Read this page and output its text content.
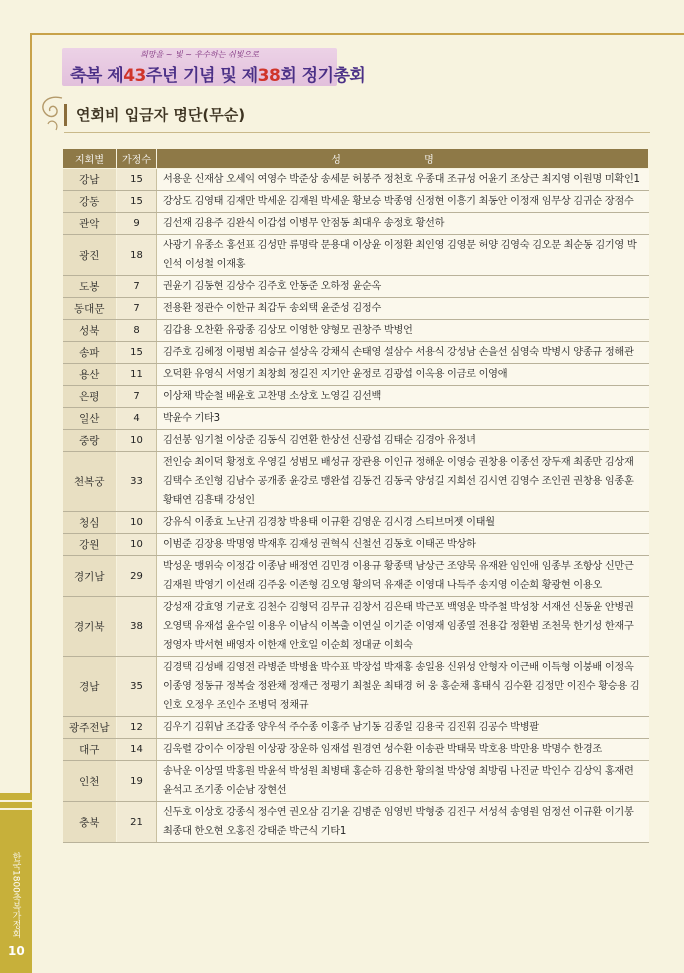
희망을 ~ 빛 ~ 우수하는 쉬빛으로
축복 제43주년 기념 및 제38회 정기총회
연회비 입금자 명단(무순)
지회별	가정수	성 명
강남	15	서용운 신재삼 오세익 여영수 박준상 송세문 허봉주 정천호 우종대 조규성 어윤기 조상근 최지영 이원명 미확인1
강동	15	강상도 김영태 김재만 박세운 김재원 박세운 황보승 박종영 신정현 이흥기 최동안 이정재 임무상 김귀순 장점수
관악	9	김선재 김용주 김완식 이갑섭 이병무 안점동 최대우 송정호 황선하
광진	18	사광기 유종소 홍선표 김성만 류명락 문용대 이상윤 이정환 최인영 김영문 허양 김영숙 김오문 최순동 김기영 박인석 이성철 이재홍
도봉	7	권윤기 김동현 김상수 김주호 안동준 오하정 윤순옥
동대문	7	전용환 정관수 이한규 최갑두 송외택 윤준성 김정수
성북	8	김갑용 오찬환 유광종 김상모 이영한 양형모 권창주 박병언
송파	15	김주호 김혜정 이평범 최승규 설상옥 강채식 손태영 설삼수 서용식 강성남 손을선 심영숙 박병시 양종규 정해관
용산	11	오덕환 유영식 서영기 최창희 정길진 지기안 윤정로 김광섭 이옥용 이금로 이영애
은평	7	이상채 박순철 배윤호 고찬명 소상호 노영길 김선백
일산	4	박윤수 기타3
중랑	10	김선봉 임기철 이상준 김동식 김연환 한상선 신광섭 김태순 김경아 유정녀
천복궁	33	전인승 최이덕 황정호 우영길 성범모 배성규 장관용 이인규 정해운 이영승 권창용 이종선 장두재 최종만 김상재 김택수 조인형 김남수 공개종 윤강로 맹완섭 김동건 김동국 양성길 지희선 김시연 김영수 조인권 권창용 임종훈 황태연 김흥태 강성인
청심	10	강유식 이종효 노난귀 김경창 박용태 이규환 김영운 김시경 스티브머젯 이태월
강원	10	이범준 김장용 박명영 박재후 김재성 권혁식 신철선 김동호 이태곤 박상하
경기남	29	박성운 맹위숙 이정갑 이종남 배정연 김민경 이용규 황종택 남상근 조양묵 유재완 임인애 임종부 조항상 신만근 김재원 박영기 이선래 김주웅 이존형 김오영 황의덕 유재준 이영대 나득주 송지영 이순희 황광현 이용오
경기북	38	강성재 강효영 기균호 김천수 김형덕 김무규 김창서 김은태 박근포 백영운 박주철 박성창 서재선 신동윤 안병권 오영택 유재섭 윤수일 이용우 이남식 이복출 이연실 이기준 이영재 임종열 전용갑 정환범 조천묵 한기성 한재구 정영자 박서현 배영자 이한재 안호일 이순희 정대균 이회숙
경남	35	김경택 김성배 김영전 라병준 박병율 박수표 박장섭 박재홍 송일용 신위성 안형자 이근배 이득형 이붕배 이정옥 이종영 정동규 정복술 정완채 정재근 정평기 최철운 최태경 허 웅 홍순채 홍태식 김수환 김정만 이진수 황승용 김인호 오정우 조인수 조병덕 정채규
광주전남	12	김우기 김휘남 조갑종 양우석 주수종 이홍주 남기동 김종일 김용국 김진휘 김공수 박병팔
대구	14	김욱렬 강이수 이장원 이상광 장운하 임재섭 원경연 성수환 이송관 박태묵 박호용 박만용 박명수 한경조
인천	19	송낙운 이상열 박홍원 박윤석 박성원 최병태 홍순하 김용한 황의철 박상영 최방림 나진균 박인수 김상익 홍재련 윤석고 조기종 이순남 장현선
충북	21	신두호 이상호 강종식 정수연 권오삼 김기윤 김병준 임영빈 박형중 김진구 서성석 송영원 엄정선 이규환 이기봉 최종대 한오현 오홍진 강태준 박근식 기타1
한국1800축복가정회
10
